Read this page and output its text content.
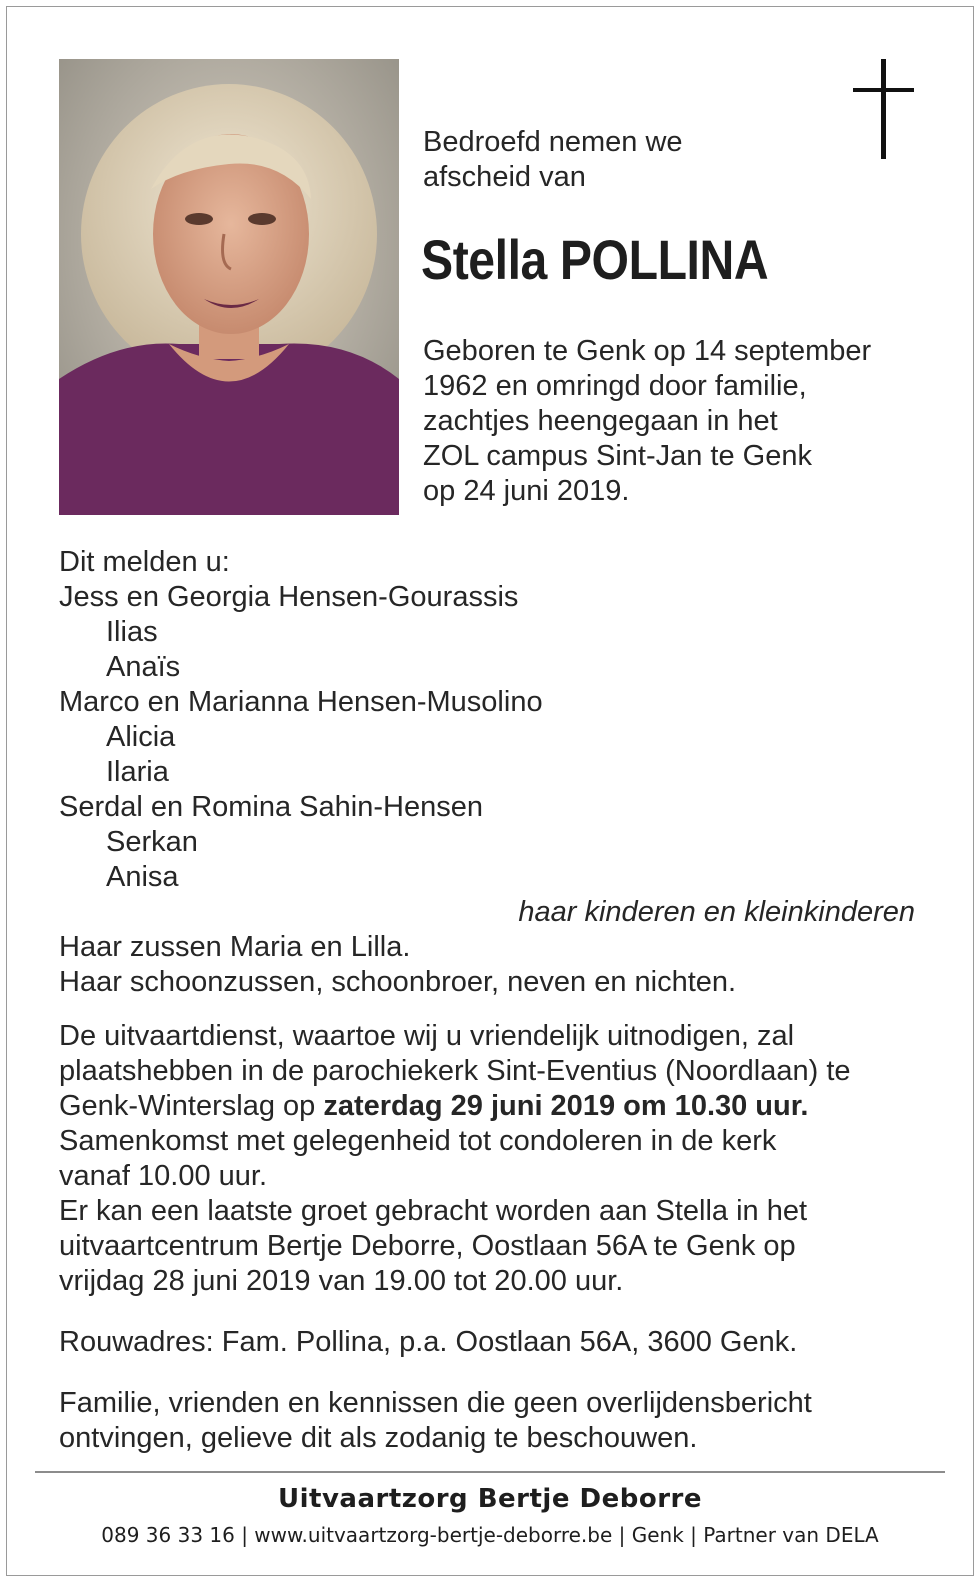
Bedroefd nemen we
afscheid van
Stella POLLINA
Geboren te Genk op 14 september
1962 en omringd door familie,
zachtjes heengegaan in het
ZOL campus Sint-Jan te Genk
op 24 juni 2019.
Dit melden u:
Jess en Georgia Hensen-Gourassis
Ilias
Anaïs
Marco en Marianna Hensen-Musolino
Alicia
Ilaria
Serdal en Romina Sahin-Hensen
Serkan
Anisa
haar kinderen en kleinkinderen
Haar zussen Maria en Lilla.
Haar schoonzussen, schoonbroer, neven en nichten.
De uitvaartdienst, waartoe wij u vriendelijk uitnodigen, zal
plaatshebben in de parochiekerk Sint-Eventius (Noordlaan) te
Genk-Winterslag op zaterdag 29 juni 2019 om 10.30 uur.
Samenkomst met gelegenheid tot condoleren in de kerk
vanaf 10.00 uur.
Er kan een laatste groet gebracht worden aan Stella in het
uitvaartcentrum Bertje Deborre, Oostlaan 56A te Genk op
vrijdag 28 juni 2019 van 19.00 tot 20.00 uur.
Rouwadres: Fam. Pollina, p.a. Oostlaan 56A, 3600 Genk.
Familie, vrienden en kennissen die geen overlijdensbericht
ontvingen, gelieve dit als zodanig te beschouwen.
Uitvaartzorg Bertje Deborre
089 36 33 16 | www.uitvaartzorg-bertje-deborre.be | Genk | Partner van DELA
